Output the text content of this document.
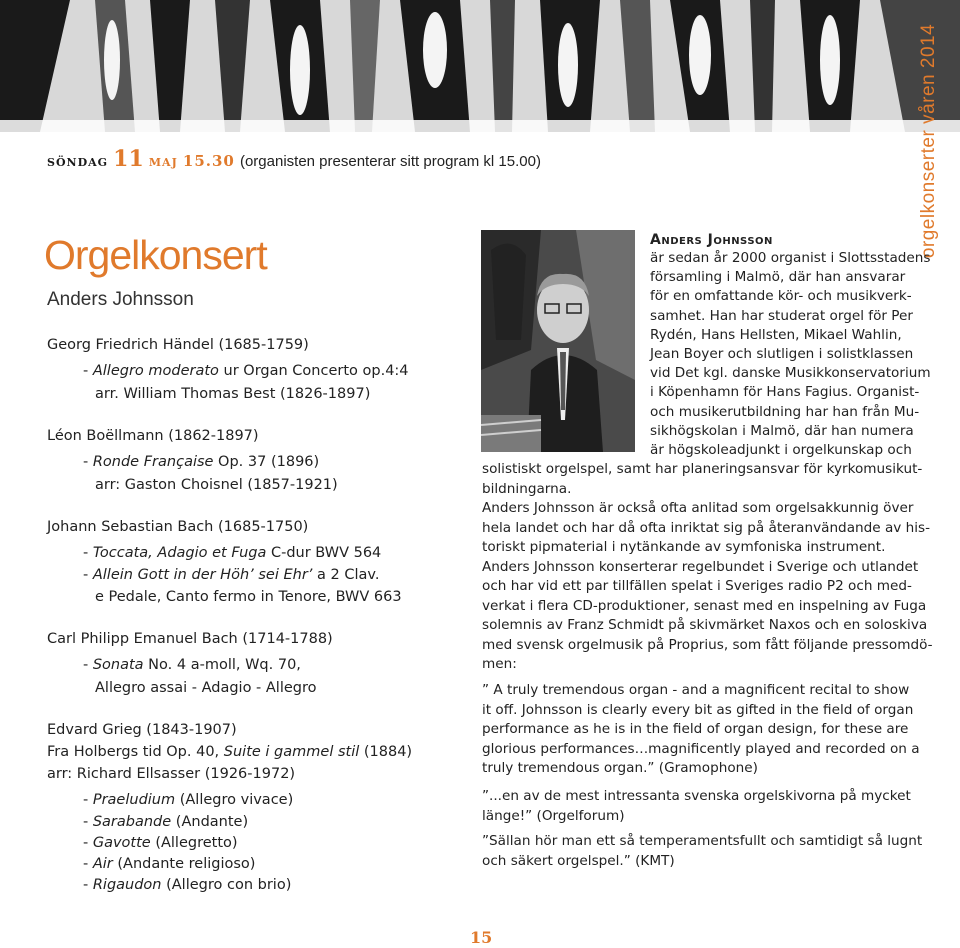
orgelkonserter våren 2014
söndag 11 maj 15.30 (organisten presenterar sitt program kl 15.00)
Orgelkonsert
Anders Johnsson
Georg Friedrich Händel (1685-1759)
- Allegro moderato ur Organ Concerto op.4:4
arr. William Thomas Best (1826-1897)
Léon Boëllmann (1862-1897)
- Ronde Française Op. 37 (1896)
arr: Gaston Choisnel (1857-1921)
Johann Sebastian Bach (1685-1750)
- Toccata, Adagio et Fuga C-dur BWV 564
- Allein Gott in der Höh’ sei Ehr’ a 2 Clav.
e Pedale, Canto fermo in Tenore, BWV 663
Carl Philipp Emanuel Bach (1714-1788)
- Sonata No. 4 a-moll, Wq. 70,
Allegro assai - Adagio - Allegro
Edvard Grieg (1843-1907)
Fra Holbergs tid Op. 40, Suite i gammel stil (1884)
arr: Richard Ellsasser (1926-1972)
- Praeludium (Allegro vivace)
- Sarabande (Andante)
- Gavotte (Allegretto)
- Air (Andante religioso)
- Rigaudon (Allegro con brio)
Anders Johnsson
är sedan år 2000 organist i Slottsstadens
församling i Malmö, där han ansvarar
för en omfattande kör- och musikverk-
samhet. Han har studerat orgel för Per
Rydén, Hans Hellsten, Mikael Wahlin,
Jean Boyer och slutligen i solistklassen
vid Det kgl. danske Musikkonservatorium
i Köpenhamn för Hans Fagius. Organist-
och musikerutbildning har han från Mu-
sikhögskolan i Malmö, där han numera
är högskoleadjunkt i orgelkunskap och
solistiskt orgelspel, samt har planeringsansvar för kyrkomusikut-
bildningarna.
Anders Johnsson är också ofta anlitad som orgelsakkunnig över
hela landet och har då ofta inriktat sig på återanvändande av his-
toriskt pipmaterial i nytänkande av symfoniska instrument.
Anders Johnsson konserterar regelbundet i Sverige och utlandet
och har vid ett par tillfällen spelat i Sveriges radio P2 och med-
verkat i flera CD-produktioner, senast med en inspelning av Fuga
solemnis av Franz Schmidt på skivmärket Naxos och en soloskiva
med svensk orgelmusik på Proprius, som fått följande pressomdö-
men:
” A truly tremendous organ - and a magnificent recital to show
it off. Johnsson is clearly every bit as gifted in the field of organ
performance as he is in the field of organ design, for these are
glorious performances…magnificently played and recorded on a
truly tremendous organ.” (Gramophone)
”...en av de mest intressanta svenska orgelskivorna på mycket
länge!” (Orgelforum)
”Sällan hör man ett så temperamentsfullt och samtidigt så lugnt
och säkert orgelspel.” (KMT)
15
